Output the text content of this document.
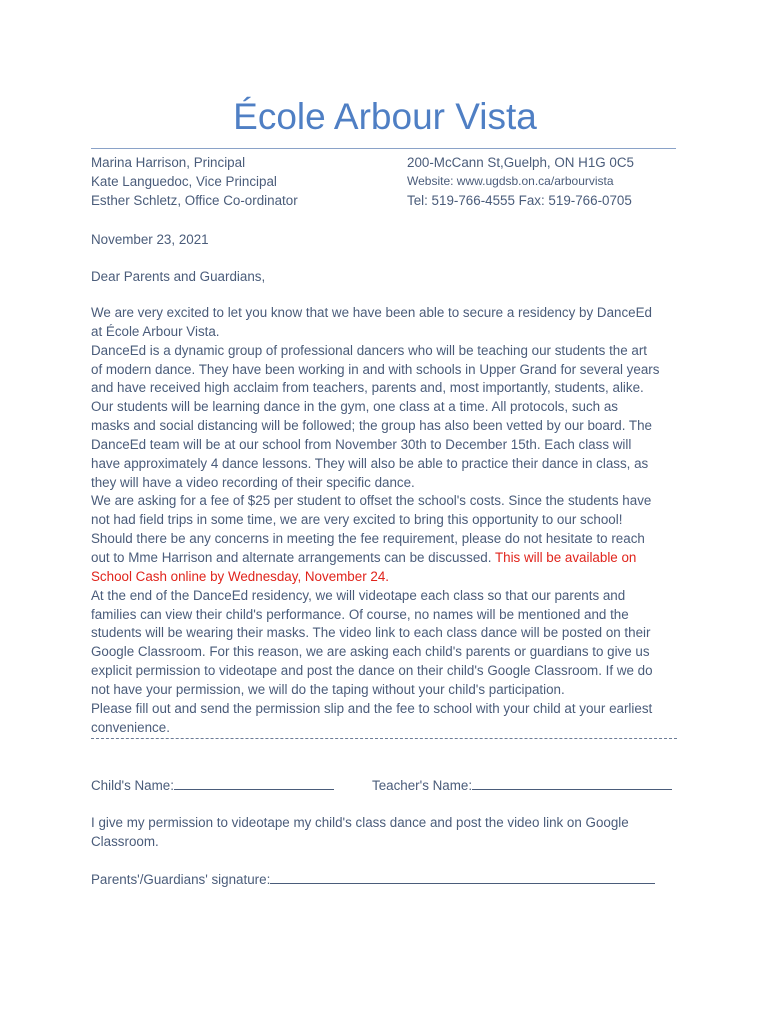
École Arbour Vista
Marina Harrison, Principal
Kate Languedoc, Vice Principal
Esther Schletz, Office Co-ordinator
200-McCann St,Guelph, ON H1G 0C5
Website: www.ugdsb.on.ca/arbourvista
Tel: 519-766-4555 Fax: 519-766-0705
November 23, 2021
Dear Parents and Guardians,
We are very excited to let you know that we have been able to secure a residency by DanceEd
at École Arbour Vista.
DanceEd is a dynamic group of professional dancers who will be teaching our students the art
of modern dance. They have been working in and with schools in Upper Grand for several years
and have received high acclaim from teachers, parents and, most importantly, students, alike.
Our students will be learning dance in the gym, one class at a time. All protocols, such as
masks and social distancing will be followed; the group has also been vetted by our board. The
DanceEd team will be at our school from November 30th to December 15th. Each class will
have approximately 4 dance lessons. They will also be able to practice their dance in class, as
they will have a video recording of their specific dance.
We are asking for a fee of $25 per student to offset the school's costs. Since the students have
not had field trips in some time, we are very excited to bring this opportunity to our school!
Should there be any concerns in meeting the fee requirement, please do not hesitate to reach
out to Mme Harrison and alternate arrangements can be discussed. This will be available on
School Cash online by Wednesday, November 24.
At the end of the DanceEd residency, we will videotape each class so that our parents and
families can view their child's performance. Of course, no names will be mentioned and the
students will be wearing their masks. The video link to each class dance will be posted on their
Google Classroom. For this reason, we are asking each child's parents or guardians to give us
explicit permission to videotape and post the dance on their child's Google Classroom. If we do
not have your permission, we will do the taping without your child's participation.
Please fill out and send the permission slip and the fee to school with your child at your earliest
convenience.
Child's Name:	Teacher's Name:
I give my permission to videotape my child's class dance and post the video link on Google Classroom.
Parents'/Guardians' signature:
